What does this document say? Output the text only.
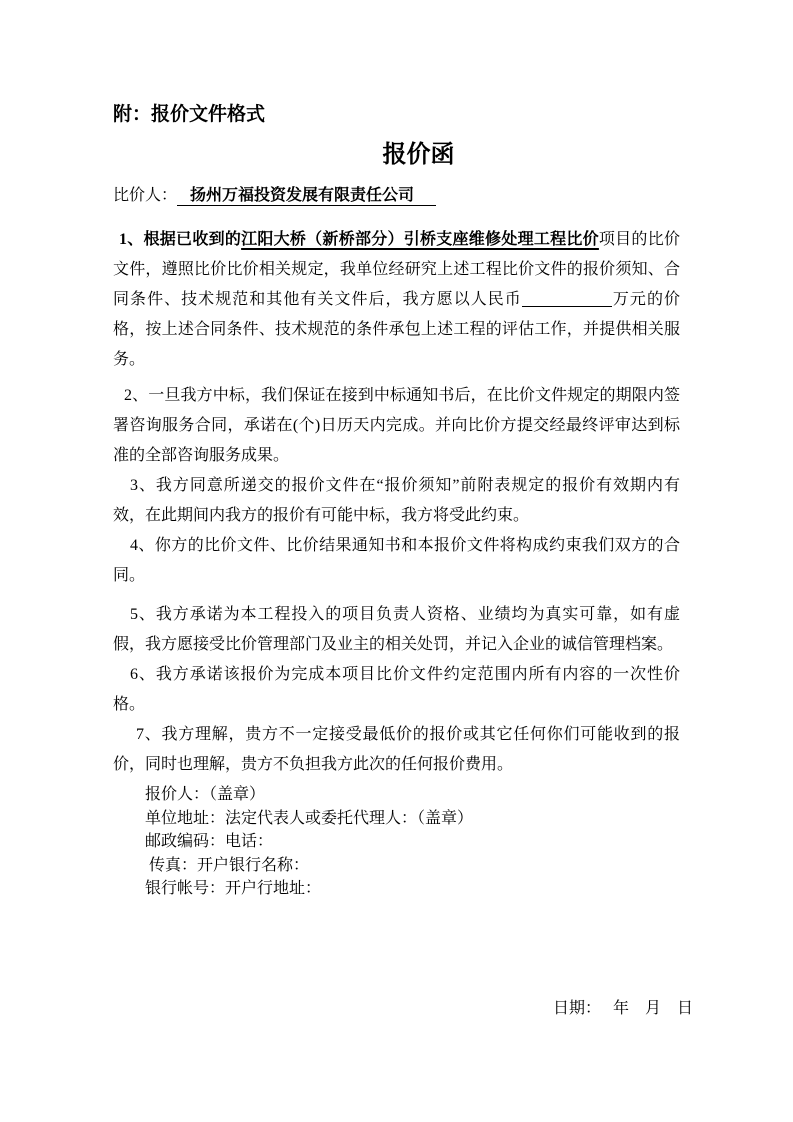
附：报价文件格式

报价函

比价人： 扬州万福投资发展有限责任公司

1、根据已收到的江阳大桥（新桥部分）引桥支座维修处理工程比价项目的比价文件，遵照比价比价相关规定，我单位经研究上述工程比价文件的报价须知、合同条件、技术规范和其他有关文件后，我方愿以人民币	万元的价格，按上述合同条件、技术规范的条件承包上述工程的评估工作，并提供相关服务。

2、一旦我方中标，我们保证在接到中标通知书后，在比价文件规定的期限内签署咨询服务合同，承诺在(个)日历天内完成。并向比价方提交经最终评审达到标准的全部咨询服务成果。

3、我方同意所递交的报价文件在“报价须知”前附表规定的报价有效期内有效，在此期间内我方的报价有可能中标，我方将受此约束。

4、你方的比价文件、比价结果通知书和本报价文件将构成约束我们双方的合同。

5、我方承诺为本工程投入的项目负责人资格、业绩均为真实可靠，如有虚假，我方愿接受比价管理部门及业主的相关处罚，并记入企业的诚信管理档案。

6、我方承诺该报价为完成本项目比价文件约定范围内所有内容的一次性价格。

7、我方理解，贵方不一定接受最低价的报价或其它任何你们可能收到的报价，同时也理解，贵方不负担我方此次的任何报价费用。

报价人：（盖章）

单位地址：法定代表人或委托代理人：（盖章）

邮政编码：电话：

传真：开户银行名称：

银行帐号：开户行地址：

日期：　 年　月　日
